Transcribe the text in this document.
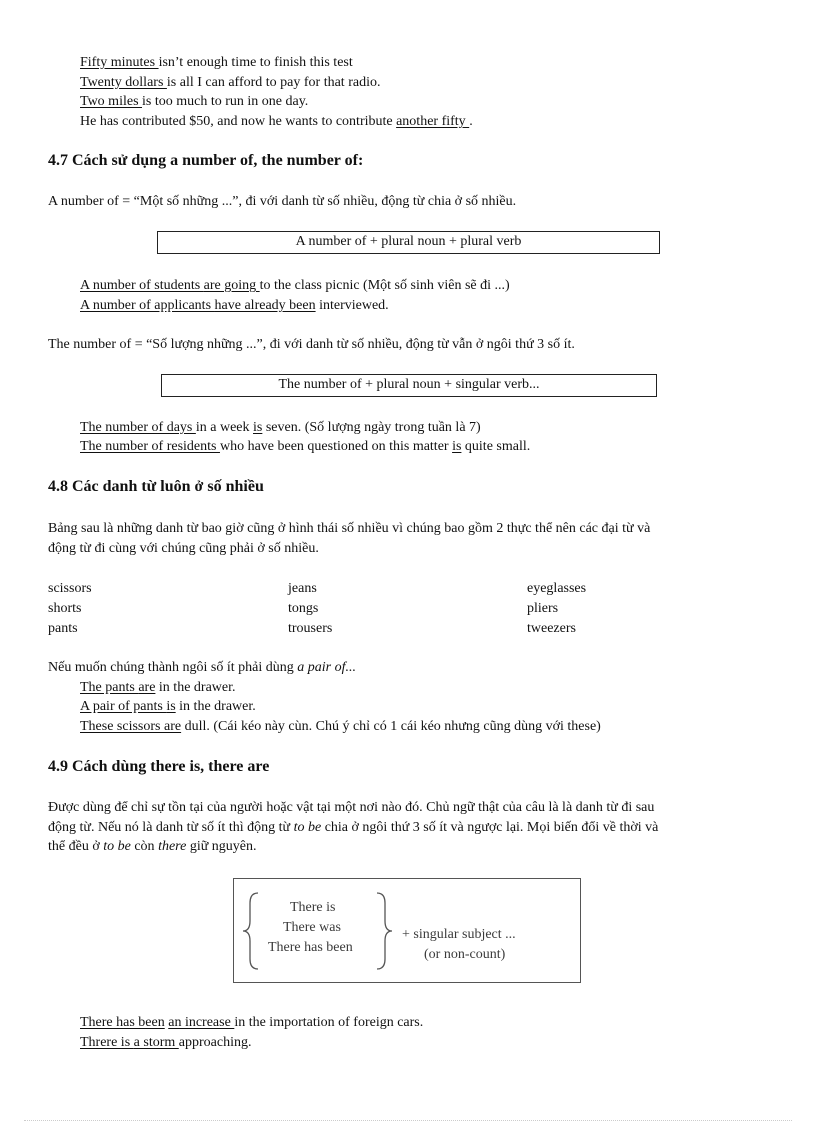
Fifty minutes isn’t enough time to finish this test
Twenty dollars is all I can afford to pay for that radio.
Two miles is too much to run in one day.
He has contributed $50, and now he wants to contribute another fifty .
4.7 Cách sử dụng a number of, the number of:
A number of = “Một số những ...”, đi với danh từ số nhiều, động từ chia ở số nhiều.
A number of + plural noun + plural verb
A number of students are going to the class picnic (Một số sinh viên sẽ đi ...)
A number of applicants have already been interviewed.
The number of = “Số lượng những ...”, đi với danh từ số nhiều, động từ vẫn ở ngôi thứ 3 số ít.
The number of + plural noun + singular verb...
The number of days in a week is seven. (Số lượng ngày trong tuần là 7)
The number of residents who have been questioned on this matter is quite small.
4.8 Các danh từ luôn ở số nhiều
Bảng sau là những danh từ bao giờ cũng ở hình thái số nhiều vì chúng bao gồm 2 thực thể nên các đại từ và
động từ đi cùng với chúng cũng phải ở số nhiều.
scissors
shorts
pants
jeans
tongs
trousers
eyeglasses
pliers
tweezers
Nếu muốn chúng thành ngôi số ít phải dùng a pair of...
The pants are in the drawer.
A pair of pants is in the drawer.
These scissors are dull. (Cái kéo này cùn. Chú ý chỉ có 1 cái kéo nhưng cũng dùng với these)
4.9 Cách dùng there is, there are
Được dùng để chỉ sự tồn tại của người hoặc vật tại một nơi nào đó. Chủ ngữ thật của câu là là danh từ đi sau
động từ. Nếu nó là danh từ số ít thì động từ to be chia ở ngôi thứ 3 số ít và ngược lại. Mọi biến đổi về thời và
thể đều ở to be còn there giữ nguyên.
There is
There was
There has been
+ singular subject ...
(or non-count)
There has been an increase in the importation of foreign cars.
Threre is a storm approaching.
